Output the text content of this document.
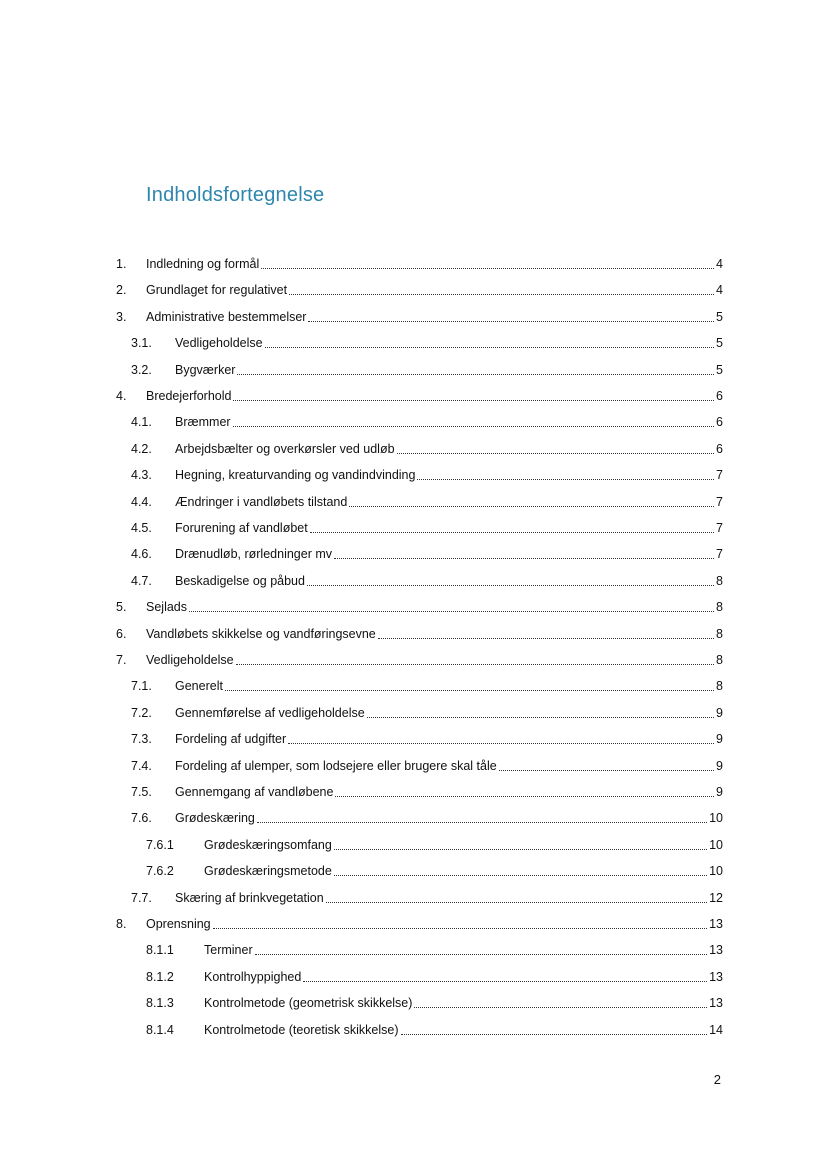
Indholdsfortegnelse
1.	Indledning og formål	4
2.	Grundlaget for regulativet	4
3.	Administrative bestemmelser	5
3.1.	Vedligeholdelse	5
3.2.	Bygværker	5
4.	Bredejerforhold	6
4.1.	Bræmmer	6
4.2.	Arbejdsbælter og overkørsler ved udløb	6
4.3.	Hegning, kreaturvanding og vandindvinding	7
4.4.	Ændringer i vandløbets tilstand	7
4.5.	Forurening af vandløbet	7
4.6.	Drænudløb, rørledninger mv	7
4.7.	Beskadigelse og påbud	8
5.	Sejlads	8
6.	Vandløbets skikkelse og vandføringsevne	8
7.	Vedligeholdelse	8
7.1.	Generelt	8
7.2.	Gennemførelse af vedligeholdelse	9
7.3.	Fordeling af udgifter	9
7.4.	Fordeling af ulemper, som lodsejere eller brugere skal tåle	9
7.5.	Gennemgang af vandløbene	9
7.6.	Grødeskæring	10
7.6.1	Grødeskæringsomfang	10
7.6.2	Grødeskæringsmetode	10
7.7.	Skæring af brinkvegetation	12
8.	Oprensning	13
8.1.1	Terminer	13
8.1.2	Kontrolhyppighed	13
8.1.3	Kontrolmetode (geometrisk skikkelse)	13
8.1.4	Kontrolmetode (teoretisk skikkelse)	14
2
